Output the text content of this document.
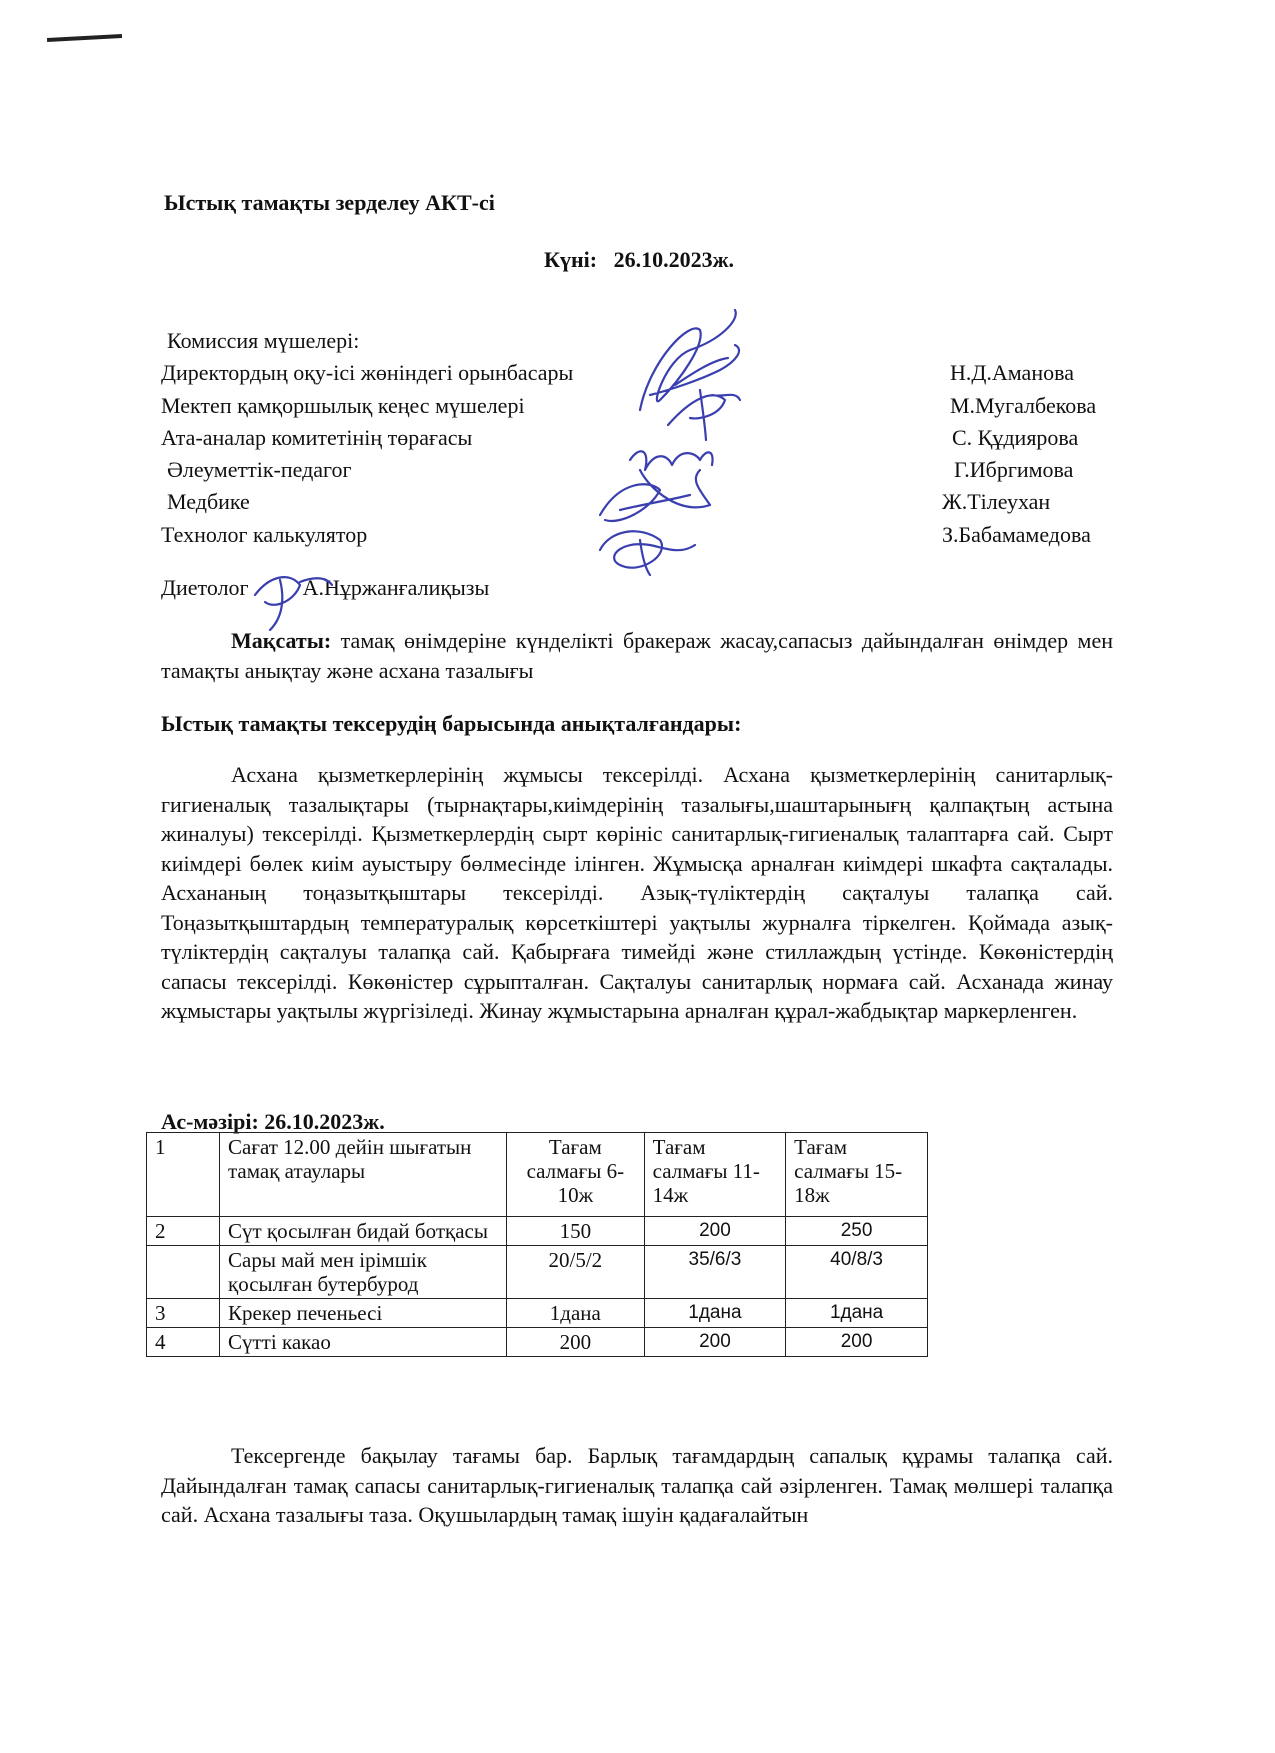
Ыстық тамақты зерделеу АКТ-сі
Күні:   26.10.2023ж.
Комиссия мүшелері:
Директордың оқу-ісі жөніндегі орынбасары	Н.Д.Аманова
Мектеп қамқоршылық кеңес мүшелері	М.Мугалбекова
Ата-аналар комитетінің төрағасы	С. Құдиярова
Әлеуметтік-педагог	Г.Ибргимова
Медбике	Ж.Тілеухан
Технолог калькулятор	З.Бабамамедова
Диетолог А.Нұржанғалиқызы

Мақсаты: тамақ өнімдеріне күнделікті бракераж жасау,сапасыз дайындалған өнімдер мен тамақты анықтау және асхана тазалығы

Ыстық тамақты тексерудің барысында анықталғандары:

Асхана қызметкерлерінің жұмысы тексерілді. Асхана қызметкерлерінің санитарлық-гигиеналық тазалықтары (тырнақтары,киімдерінің тазалығы,шаштарынығң қалпақтың астына жиналуы) тексерілді. Қызметкерлердің сырт көрініс санитарлық-гигиеналық талаптарға сай. Сырт киімдері бөлек киім ауыстыру бөлмесінде ілінген. Жұмысқа арналған киімдері шкафта сақталады. Асхананың тоңазытқыштары тексерілді. Азық-түліктердің сақталуы талапқа сай. Тоңазытқыштардың температуралық көрсеткіштері уақтылы журналға тіркелген. Қоймада азық-түліктердің сақталуы талапқа сай. Қабырғаға тимейді және стиллаждың үстінде. Көкөністердің сапасы тексерілді. Көкөністер сұрыпталған. Сақталуы санитарлық нормаға сай. Асханада жинау жұмыстары уақтылы жүргізіледі. Жинау жұмыстарына арналған құрал-жабдықтар маркерленген.

Ас-мәзірі: 26.10.2023ж.
1	Сағат 12.00 дейін шығатын тамақ атаулары	Тағам салмағы 6-10ж	Тағам салмағы 11-14ж	Тағам салмағы 15-18ж
2	Сүт қосылған бидай ботқасы	150	200	250
	Сары май мен ірімшік қосылған бутербурод	20/5/2	35/6/3	40/8/3
3	Крекер печеньесі	1дана	1дана	1дана
4	Сүтті какао	200	200	200

Тексергенде бақылау тағамы бар. Барлық тағамдардың сапалық құрамы талапқа сай. Дайындалған тамақ сапасы санитарлық-гигиеналық талапқа сай әзірленген. Тамақ мөлшері талапқа сай. Асхана тазалығы таза. Оқушылардың тамақ ішуін қадағалайтын
